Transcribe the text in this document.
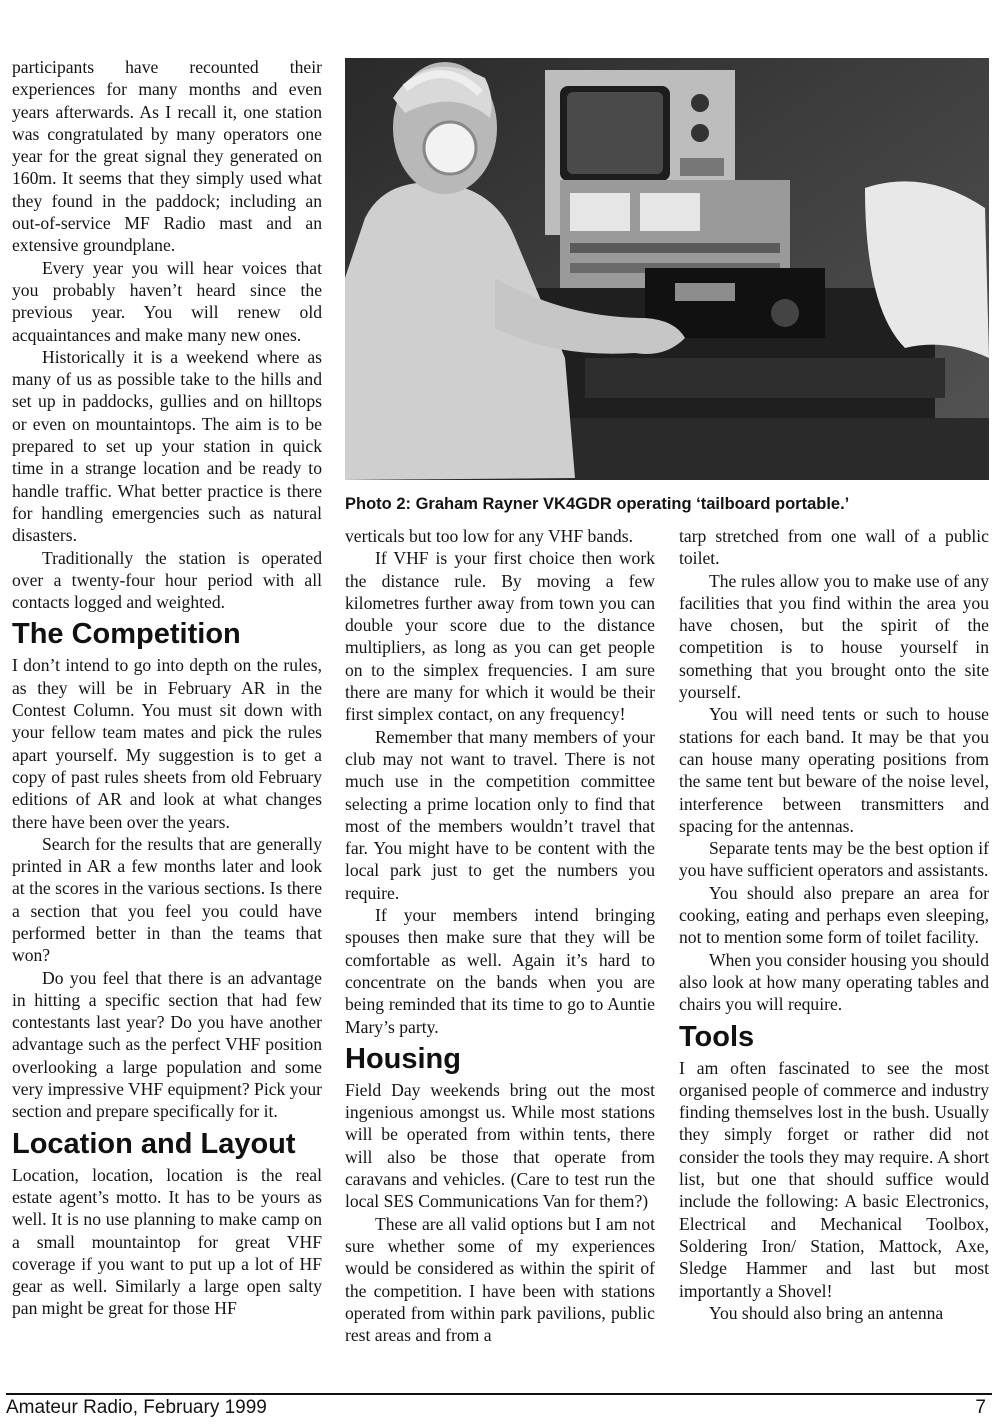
participants have recounted their experiences for many months and even years afterwards. As I recall it, one station was congratulated by many operators one year for the great signal they generated on 160m. It seems that they simply used what they found in the paddock; including an out-of-service MF Radio mast and an extensive groundplane.

Every year you will hear voices that you probably haven’t heard since the previous year. You will renew old acquaintances and make many new ones.

Historically it is a weekend where as many of us as possible take to the hills and set up in paddocks, gullies and on hilltops or even on mountaintops. The aim is to be prepared to set up your station in quick time in a strange location and be ready to handle traffic. What better practice is there for handling emergencies such as natural disasters.

Traditionally the station is operated over a twenty-four hour period with all contacts logged and weighted.

The Competition

I don’t intend to go into depth on the rules, as they will be in February AR in the Contest Column. You must sit down with your fellow team mates and pick the rules apart yourself. My suggestion is to get a copy of past rules sheets from old February editions of AR and look at what changes there have been over the years.

Search for the results that are generally printed in AR a few months later and look at the scores in the various sections. Is there a section that you feel you could have performed better in than the teams that won?

Do you feel that there is an advantage in hitting a specific section that had few contestants last year? Do you have another advantage such as the perfect VHF position overlooking a large population and some very impressive VHF equipment? Pick your section and prepare specifically for it.

Location and Layout

Location, location, location is the real estate agent’s motto. It has to be yours as well. It is no use planning to make camp on a small mountaintop for great VHF coverage if you want to put up a lot of HF gear as well. Similarly a large open salty pan might be great for those HF

Photo 2: Graham Rayner VK4GDR operating ‘tailboard portable.’

verticals but too low for any VHF bands.

If VHF is your first choice then work the distance rule. By moving a few kilometres further away from town you can double your score due to the distance multipliers, as long as you can get people on to the simplex frequencies. I am sure there are many for which it would be their first simplex contact, on any frequency!

Remember that many members of your club may not want to travel. There is not much use in the competition committee selecting a prime location only to find that most of the members wouldn’t travel that far. You might have to be content with the local park just to get the numbers you require.

If your members intend bringing spouses then make sure that they will be comfortable as well. Again it’s hard to concentrate on the bands when you are being reminded that its time to go to Auntie Mary’s party.

Housing

Field Day weekends bring out the most ingenious amongst us. While most stations will be operated from within tents, there will also be those that operate from caravans and vehicles. (Care to test run the local SES Communications Van for them?)

These are all valid options but I am not sure whether some of my experiences would be considered as within the spirit of the competition. I have been with stations operated from within park pavilions, public rest areas and from a

tarp stretched from one wall of a public toilet.

The rules allow you to make use of any facilities that you find within the area you have chosen, but the spirit of the competition is to house yourself in something that you brought onto the site yourself.

You will need tents or such to house stations for each band. It may be that you can house many operating positions from the same tent but beware of the noise level, interference between transmitters and spacing for the antennas.

Separate tents may be the best option if you have sufficient operators and assistants.

You should also prepare an area for cooking, eating and perhaps even sleeping, not to mention some form of toilet facility.

When you consider housing you should also look at how many operating tables and chairs you will require.

Tools

I am often fascinated to see the most organised people of commerce and industry finding themselves lost in the bush. Usually they simply forget or rather did not consider the tools they may require. A short list, but one that should suffice would include the following: A basic Electronics, Electrical and Mechanical Toolbox, Soldering Iron/ Station, Mattock, Axe, Sledge Hammer and last but most importantly a Shovel!

You should also bring an antenna

Amateur Radio, February 1999	7
